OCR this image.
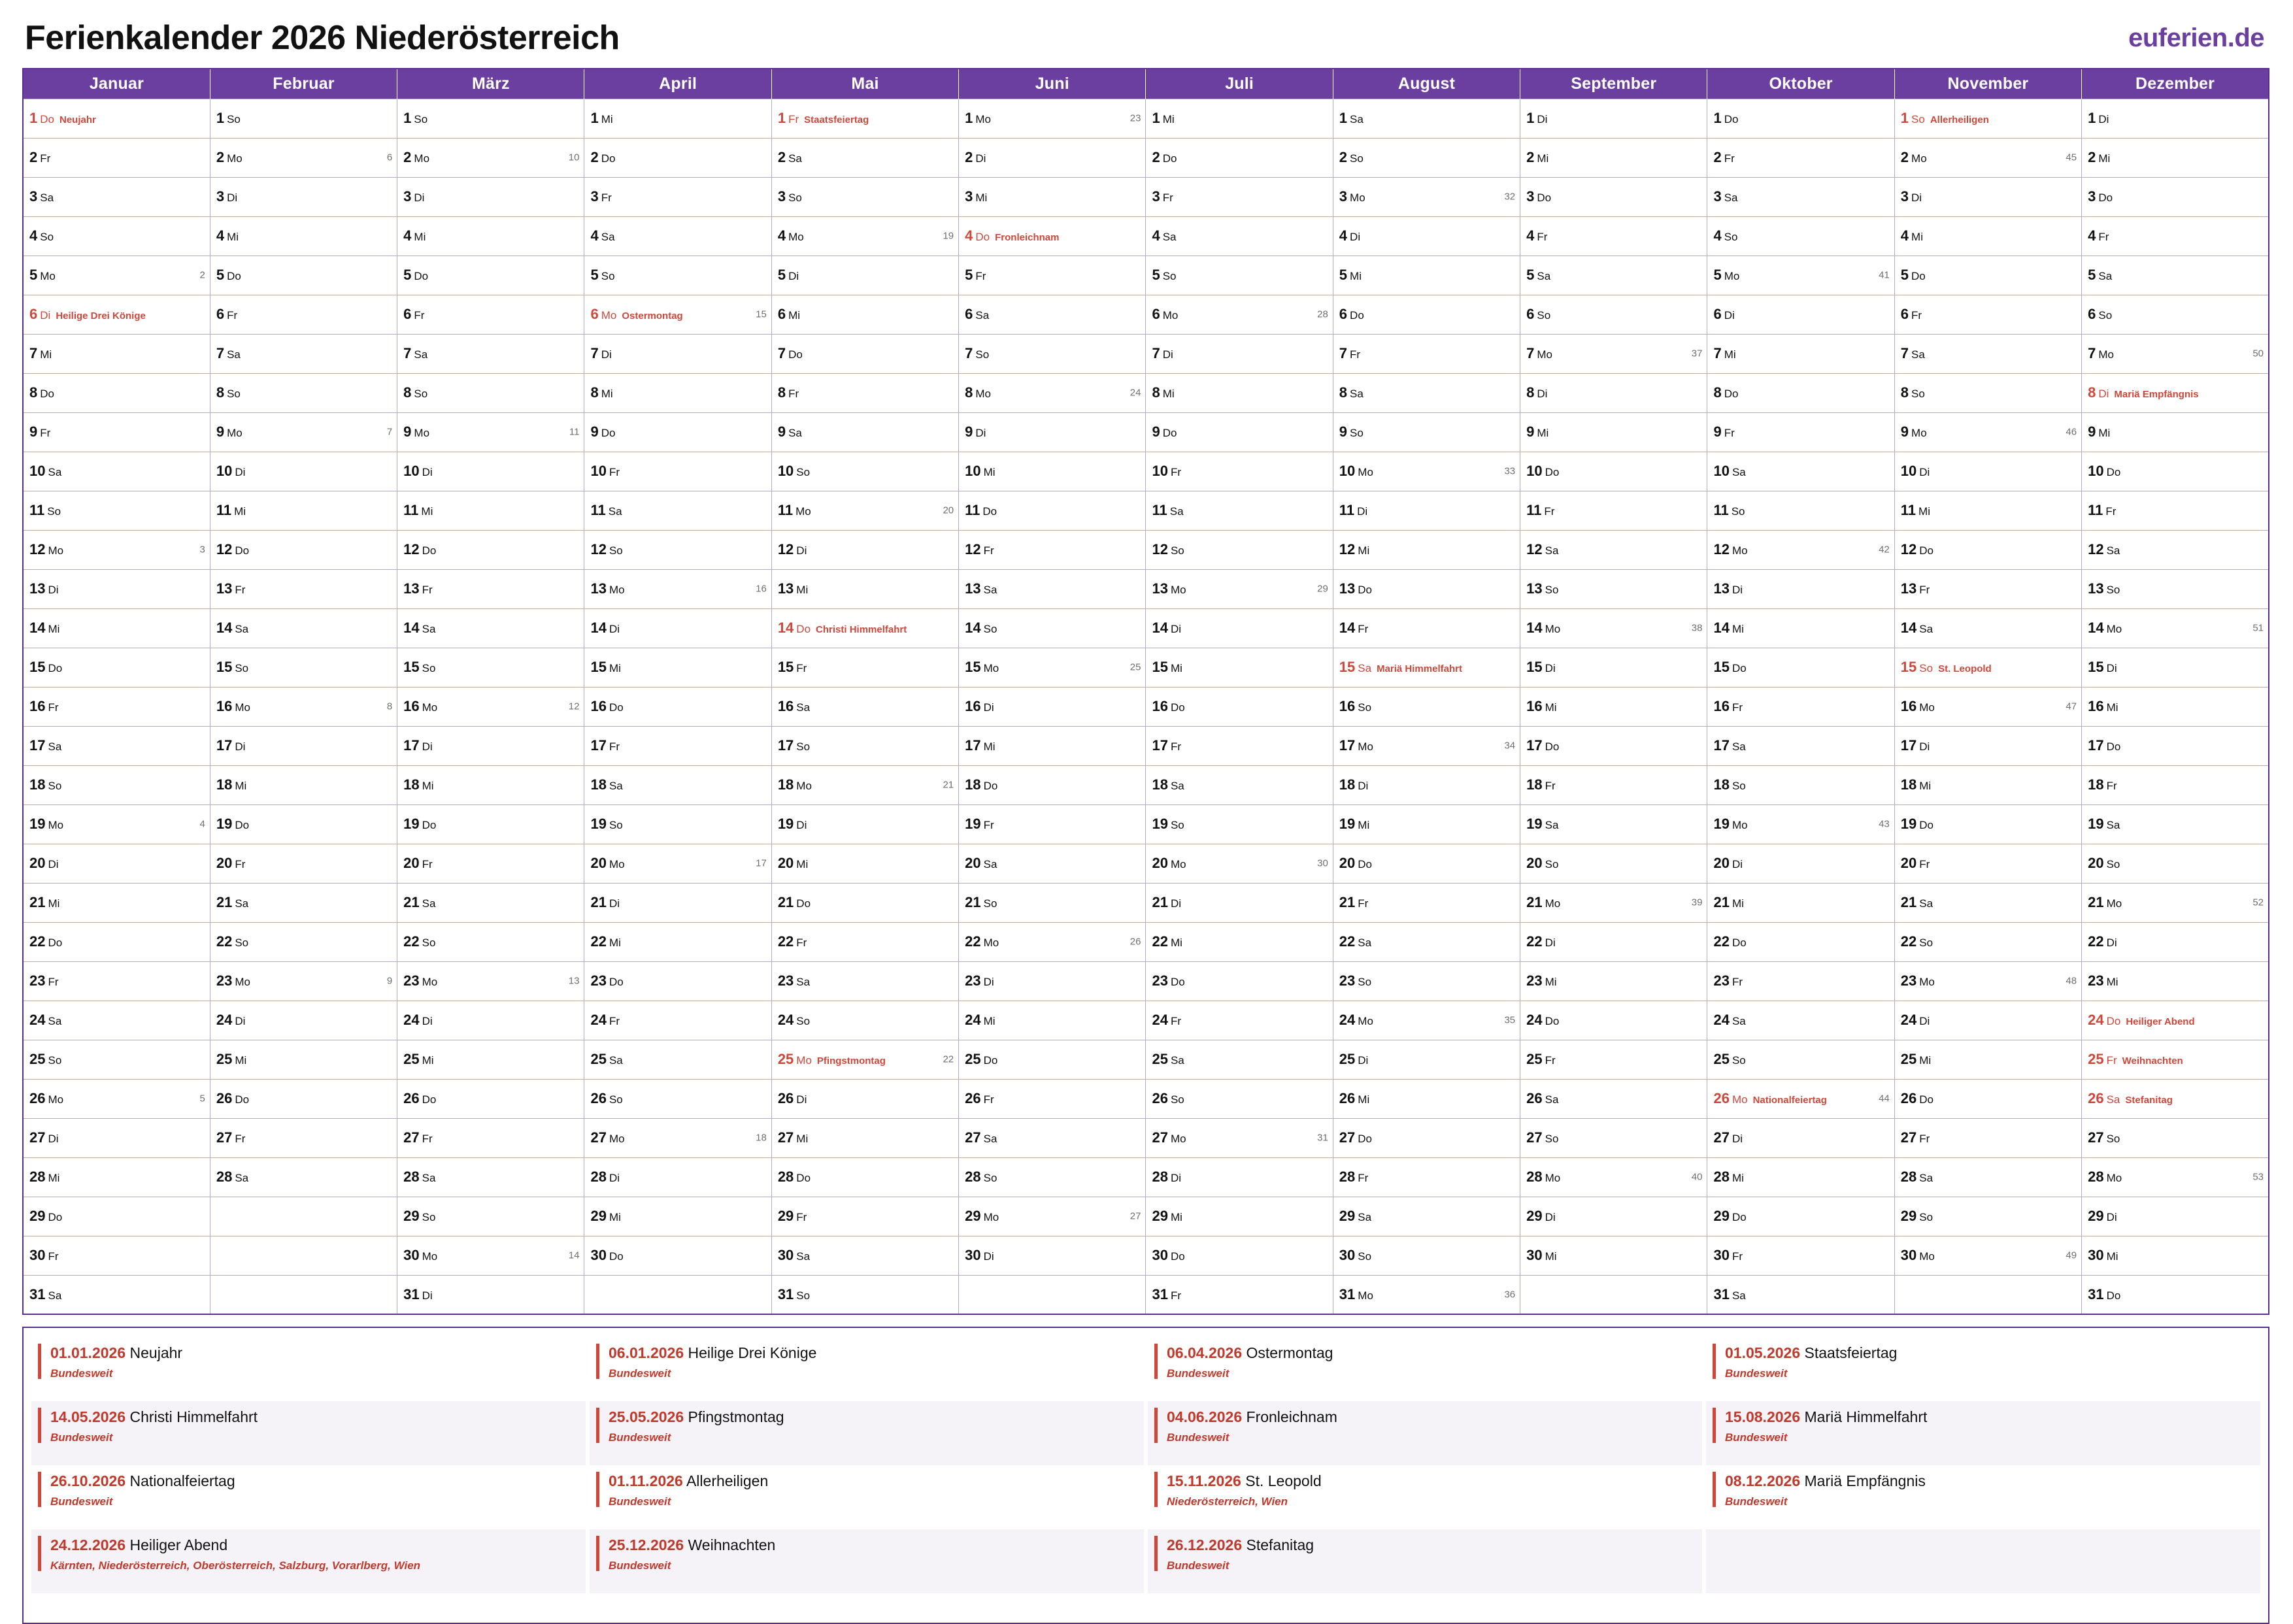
Ferienkalender 2026 Niederösterreich	euferien.de
Januar	Februar	März	April	Mai	Juni	Juli	August	September	Oktober	November	Dezember
1 Do Neujahr	1 So	1 So	1 Mi	1 Fr Staatsfeiertag	1 Mo 23	1 Mi	1 Sa	1 Di	1 Do	1 So Allerheiligen	1 Di
2 Fr	2 Mo 6	2 Mo 10	2 Do	2 Sa	2 Di	2 Do	2 So	2 Mi	2 Fr	2 Mo 45	2 Mi
3 Sa	3 Di	3 Di	3 Fr	3 So	3 Mi	3 Fr	3 Mo 32	3 Do	3 Sa	3 Di	3 Do
4 So	4 Mi	4 Mi	4 Sa	4 Mo 19	4 Do Fronleichnam	4 Sa	4 Di	4 Fr	4 So	4 Mi	4 Fr
5 Mo 2	5 Do	5 Do	5 So	5 Di	5 Fr	5 So	5 Mi	5 Sa	5 Mo 41	5 Do	5 Sa
6 Di Heilige Drei Könige	6 Fr	6 Fr	6 Mo Ostermontag 15	6 Mi	6 Sa	6 Mo 28	6 Do	6 So	6 Di	6 Fr	6 So
7 Mi	7 Sa	7 Sa	7 Di	7 Do	7 So	7 Di	7 Fr	7 Mo 37	7 Mi	7 Sa	7 Mo 50

8 Do	8 So	8 So	8 Mi	8 Fr	8 Mo 24	8 Mi	8 Sa	8 Di	8 Do	8 So	8 Di Mariä Empfängnis
9 Fr	9 Mo 7	9 Mo 11	9 Do	9 Sa	9 Di	9 Do	9 So	9 Mi	9 Fr	9 Mo 46	9 Mi
10 Sa	10 Di	10 Di	10 Fr	10 So	10 Mi	10 Fr	10 Mo 33	10 Do	10 Sa	10 Di	10 Do
11 So	11 Mi	11 Mi	11 Sa	11 Mo 20	11 Do	11 Sa	11 Di	11 Fr	11 So	11 Mi	11 Fr
12 Mo 3	12 Do	12 Do	12 So	12 Di	12 Fr	12 So	12 Mi	12 Sa	12 Mo 42	12 Do	12 Sa
13 Di	13 Fr	13 Fr	13 Mo 16	13 Mi	13 Sa	13 Mo 29	13 Do	13 So	13 Di	13 Fr	13 So
14 Mi	14 Sa	14 Sa	14 Di	14 Do Christi Himmelfahrt	14 So	14 Di	14 Fr	14 Mo 38	14 Mi	14 Sa	14 Mo 51

15 Do	15 So	15 So	15 Mi	15 Fr	15 Mo 25	15 Mi	15 Sa Mariä Himmelfahrt	15 Di	15 Do	15 So St. Leopold	15 Di
16 Fr	16 Mo 8	16 Mo 12	16 Do	16 Sa	16 Di	16 Do	16 So	16 Mi	16 Fr	16 Mo 47	16 Mi
17 Sa	17 Di	17 Di	17 Fr	17 So	17 Mi	17 Fr	17 Mo 34	17 Do	17 Sa	17 Di	17 Do
18 So	18 Mi	18 Mi	18 Sa	18 Mo 21	18 Do	18 Sa	18 Di	18 Fr	18 So	18 Mi	18 Fr
19 Mo 4	19 Do	19 Do	19 So	19 Di	19 Fr	19 So	19 Mi	19 Sa	19 Mo 43	19 Do	19 Sa
20 Di	20 Fr	20 Fr	20 Mo 17	20 Mi	20 Sa	20 Mo 30	20 Do	20 So	20 Di	20 Fr	20 So
21 Mi	21 Sa	21 Sa	21 Di	21 Do	21 So	21 Di	21 Fr	21 Mo 39	21 Mi	21 Sa	21 Mo 52

22 Do	22 So	22 So	22 Mi	22 Fr	22 Mo 26	22 Mi	22 Sa	22 Di	22 Do	22 So	22 Di
23 Fr	23 Mo 9	23 Mo 13	23 Do	23 Sa	23 Di	23 Do	23 So	23 Mi	23 Fr	23 Mo 48	23 Mi
24 Sa	24 Di	24 Di	24 Fr	24 So	24 Mi	24 Fr	24 Mo 35	24 Do	24 Sa	24 Di	24 Do Heiliger Abend
25 So	25 Mi	25 Mi	25 Sa	25 Mo Pfingstmontag 22	25 Do	25 Sa	25 Di	25 Fr	25 So	25 Mi	25 Fr Weihnachten
26 Mo 5	26 Do	26 Do	26 So	26 Di	26 Fr	26 So	26 Mi	26 Sa	26 Mo Nationalfeiertag 44	26 Do	26 Sa Stefanitag
27 Di	27 Fr	27 Fr	27 Mo 18	27 Mi	27 Sa	27 Mo 31	27 Do	27 So	27 Di	27 Fr	27 So
28 Mi	28 Sa	28 Sa	28 Di	28 Do	28 So	28 Di	28 Fr	28 Mo 40	28 Mi	28 Sa	28 Mo 53

29 Do		29 So	29 Mi	29 Fr	29 Mo 27	29 Mi	29 Sa	29 Di	29 Do	29 So	29 Di
30 Fr		30 Mo 14	30 Do	30 Sa	30 Di	30 Do	30 So	30 Mi	30 Fr	30 Mo 49	30 Mi
31 Sa		31 Di		31 So		31 Fr	31 Mo 36		31 Sa		31 Do
01.01.2026 Neujahr
Bundesweit
06.01.2026 Heilige Drei Könige
Bundesweit
06.04.2026 Ostermontag
Bundesweit
01.05.2026 Staatsfeiertag
Bundesweit
14.05.2026 Christi Himmelfahrt
Bundesweit
25.05.2026 Pfingstmontag
Bundesweit
04.06.2026 Fronleichnam
Bundesweit
15.08.2026 Mariä Himmelfahrt
Bundesweit
26.10.2026 Nationalfeiertag
Bundesweit
01.11.2026 Allerheiligen
Bundesweit
15.11.2026 St. Leopold
Niederösterreich, Wien
08.12.2026 Mariä Empfängnis
Bundesweit
24.12.2026 Heiliger Abend
Kärnten, Niederösterreich, Oberösterreich, Salzburg, Vorarlberg, Wien
25.12.2026 Weihnachten
Bundesweit
26.12.2026 Stefanitag
Bundesweit
